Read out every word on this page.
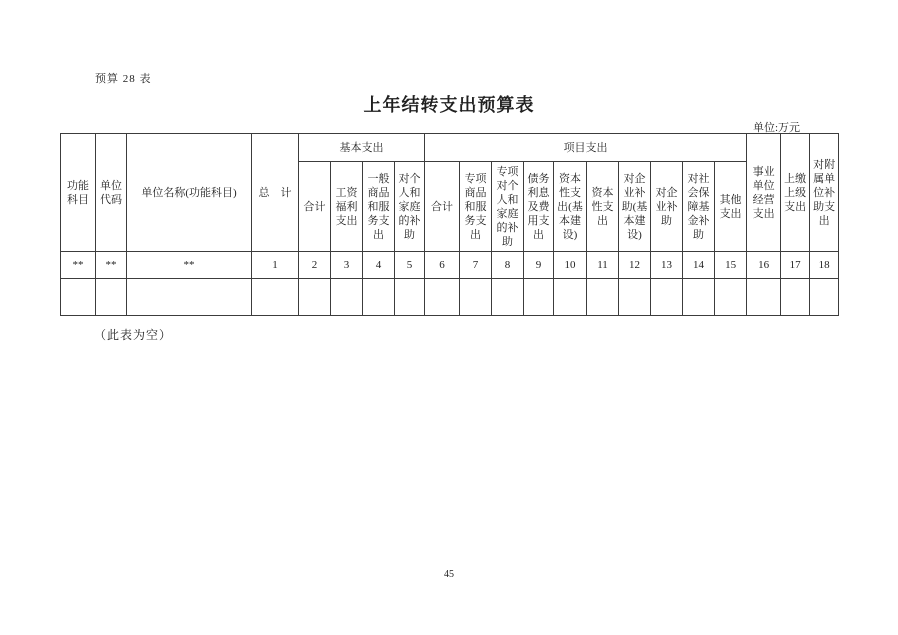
预算 28 表
上年结转支出预算表
单位:万元
功能科目	单位代码	单位名称(功能科目)	总　计	基本支出				项目支出										事业单位经营支出	上缴上级支出	对附属单位补助支出
				合计	工资福利支出	一般商品和服务支出	对个人和家庭的补助	合计	专项商品和服务支出	专项对个人和家庭的补助	债务利息及费用支出	资本性支出(基本建设)	资本性支出	对企业补助(基本建设)	对企业补助	对社会保障基金补助	其他支出			
**	**	**	1	2	3	4	5	6	7	8	9	10	11	12	13	14	15	16	17	18

（此表为空）
45
